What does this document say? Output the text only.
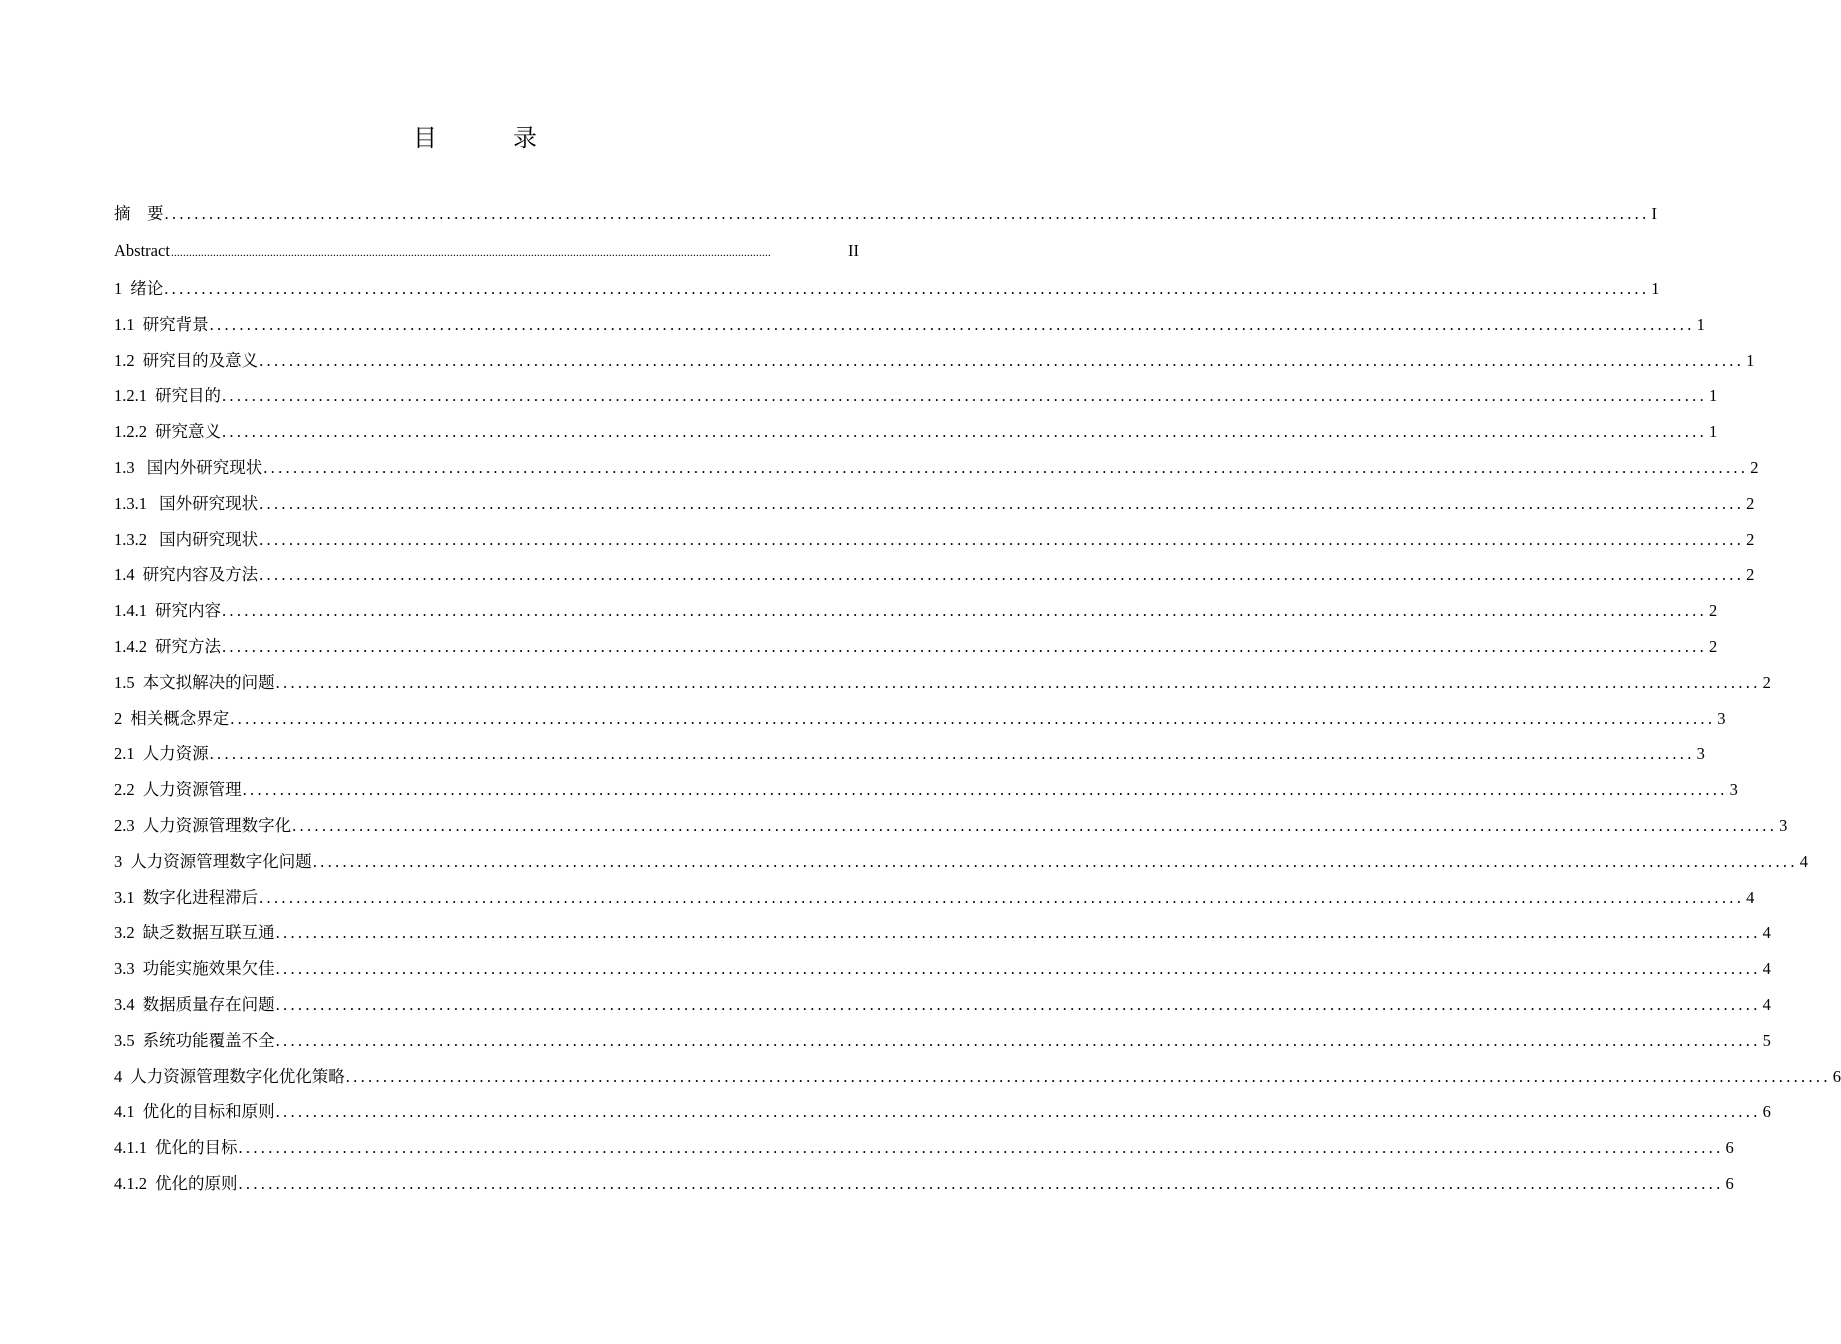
目　录
摘　要 ........................................................................................................................................................................................................ I
Abstract ........................................................................................................................................................................................................	II
1 绪论 ........................................................................................................................................................................................................ 1
1.1 研究背景 ........................................................................................................................................................................................................ 1
1.2 研究目的及意义 ........................................................................................................................................................................................................ 1
1.2.1 研究目的 ........................................................................................................................................................................................................ 1
1.2.2 研究意义 ........................................................................................................................................................................................................ 1
1.3 国内外研究现状 ........................................................................................................................................................................................................ 2
1.3.1 国外研究现状 ........................................................................................................................................................................................................ 2
1.3.2 国内研究现状 ........................................................................................................................................................................................................ 2
1.4 研究内容及方法 ........................................................................................................................................................................................................ 2
1.4.1 研究内容 ........................................................................................................................................................................................................ 2
1.4.2 研究方法 ........................................................................................................................................................................................................ 2
1.5 本文拟解决的问题 ........................................................................................................................................................................................................ 2
2 相关概念界定 ........................................................................................................................................................................................................ 3
2.1 人力资源 ........................................................................................................................................................................................................ 3
2.2 人力资源管理 ........................................................................................................................................................................................................ 3
2.3 人力资源管理数字化 ........................................................................................................................................................................................................ 3
3 人力资源管理数字化问题 ........................................................................................................................................................................................................ 4
3.1 数字化进程滞后 ........................................................................................................................................................................................................ 4
3.2 缺乏数据互联互通 ........................................................................................................................................................................................................ 4
3.3 功能实施效果欠佳 ........................................................................................................................................................................................................ 4
3.4 数据质量存在问题 ........................................................................................................................................................................................................ 4
3.5 系统功能覆盖不全 ........................................................................................................................................................................................................ 5
4 人力资源管理数字化优化策略 ........................................................................................................................................................................................................ 6
4.1 优化的目标和原则 ........................................................................................................................................................................................................ 6
4.1.1 优化的目标 ........................................................................................................................................................................................................ 6
4.1.2 优化的原则 ........................................................................................................................................................................................................ 6
